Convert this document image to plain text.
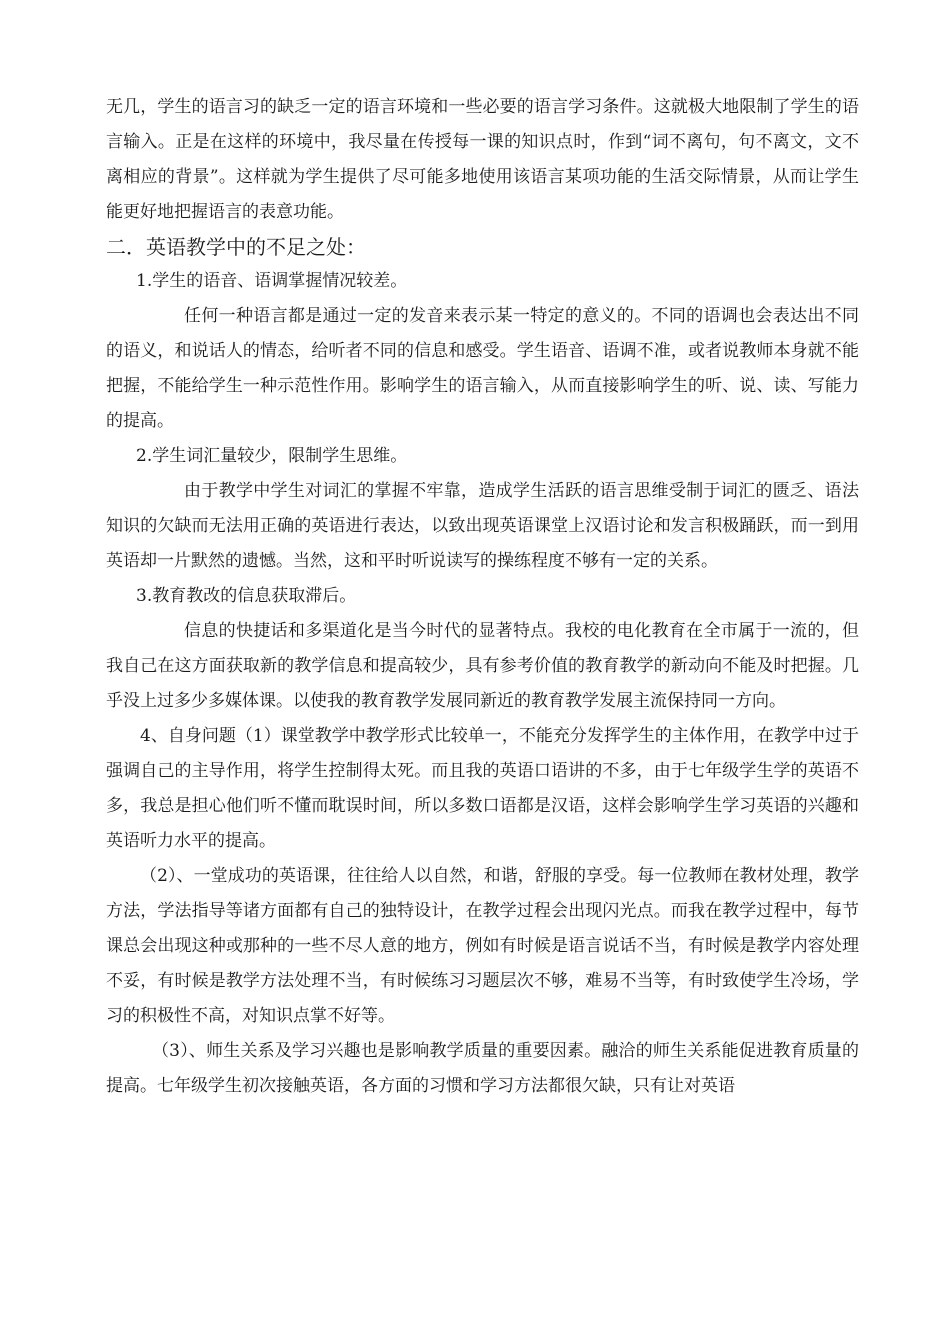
无几，学生的语言习的缺乏一定的语言环境和一些必要的语言学习条件。这就极大地限制了学生的语言输入。正是在这样的环境中，我尽量在传授每一课的知识点时，作到“词不离句，句不离文，文不离相应的背景”。这样就为学生提供了尽可能多地使用该语言某项功能的生活交际情景，从而让学生能更好地把握语言的表意功能。

二．英语教学中的不足之处：

1.学生的语音、语调掌握情况较差。

任何一种语言都是通过一定的发音来表示某一特定的意义的。不同的语调也会表达出不同的语义，和说话人的情态，给听者不同的信息和感受。学生语音、语调不准，或者说教师本身就不能把握，不能给学生一种示范性作用。影响学生的语言输入，从而直接影响学生的听、说、读、写能力的提高。

2.学生词汇量较少，限制学生思维。

由于教学中学生对词汇的掌握不牢靠，造成学生活跃的语言思维受制于词汇的匮乏、语法知识的欠缺而无法用正确的英语进行表达，以致出现英语课堂上汉语讨论和发言积极踊跃，而一到用英语却一片默然的遗憾。当然，这和平时听说读写的操练程度不够有一定的关系。

3.教育教改的信息获取滞后。

信息的快捷话和多渠道化是当今时代的显著特点。我校的电化教育在全市属于一流的，但我自己在这方面获取新的教学信息和提高较少，具有参考价值的教育教学的新动向不能及时把握。几乎没上过多少多媒体课。以使我的教育教学发展同新近的教育教学发展主流保持同一方向。

4、自身问题（1）课堂教学中教学形式比较单一，不能充分发挥学生的主体作用，在教学中过于强调自己的主导作用，将学生控制得太死。而且我的英语口语讲的不多，由于七年级学生学的英语不多，我总是担心他们听不懂而耽误时间，所以多数口语都是汉语，这样会影响学生学习英语的兴趣和英语听力水平的提高。

（2）、一堂成功的英语课，往往给人以自然，和谐，舒服的享受。每一位教师在教材处理，教学方法，学法指导等诸方面都有自己的独特设计，在教学过程会出现闪光点。而我在教学过程中，每节课总会出现这种或那种的一些不尽人意的地方，例如有时候是语言说话不当，有时候是教学内容处理不妥，有时候是教学方法处理不当，有时候练习习题层次不够，难易不当等，有时致使学生冷场，学习的积极性不高，对知识点掌不好等。

（3）、师生关系及学习兴趣也是影响教学质量的重要因素。融洽的师生关系能促进教育质量的提高。七年级学生初次接触英语，各方面的习惯和学习方法都很欠缺，只有让对英语
